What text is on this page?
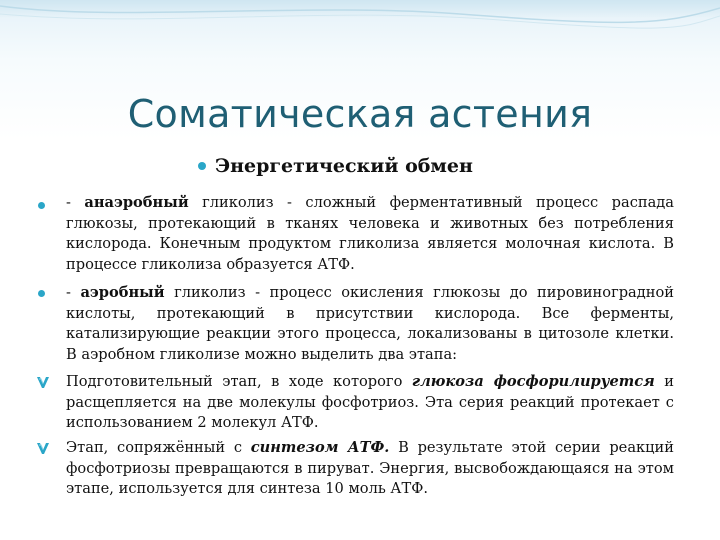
Соматическая астения
Энергетический обмен
- анаэробный гликолиз - сложный ферментативный процесс распада глюкозы, протекающий в тканях человека и животных без потребления кислорода. Конечным продуктом гликолиза является молочная кислота. В процессе гликолиза образуется АТФ.
- аэробный гликолиз - процесс окисления глюкозы до пировиноградной кислоты, протекающий в присутствии кислорода. Все ферменты, катализирующие реакции этого процесса, локализованы в цитозоле клетки. В аэробном гликолизе можно выделить два этапа:
Подготовительный этап, в ходе которого глюкоза фосфорилируется и расщепляется на две молекулы фосфотриоз. Эта серия реакций протекает с использованием 2 молекул АТФ.
Этап, сопряжённый с синтезом АТФ. В результате этой серии реакций фосфотриозы превращаются в пируват. Энергия, высвобождающаяся на этом этапе, используется для синтеза 10 моль АТФ.
